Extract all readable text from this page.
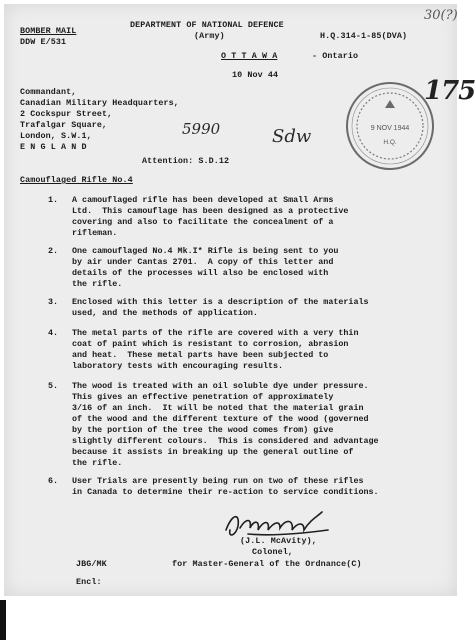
BOMBER MAIL
DDW E/531
DEPARTMENT OF NATIONAL DEFENCE
(Army)	H.Q.314-1-85(DVA)
O T T A W A	- Ontario
10 Nov 44
30(?)
175
Commandant,
Canadian Military Headquarters,
2 Cockspur Street,
Trafalgar Square,
London, S.W.1,
E N G L A N D
5990	Sdw	9 NOV 1944
H.Q.
Attention: S.D.12
Camouflaged Rifle No.4
1. A camouflaged rifle has been developed at Small Arms
Ltd.  This camouflage has been designed as a protective
covering and also to facilitate the concealment of a
rifleman.
2. One camouflaged No.4 Mk.I* Rifle is being sent to you
by air under Cantas 2701.  A copy of this letter and
details of the processes will also be enclosed with
the rifle.
3. Enclosed with this letter is a description of the materials
used, and the methods of application.
4. The metal parts of the rifle are covered with a very thin
coat of paint which is resistant to corrosion, abrasion
and heat.  These metal parts have been subjected to
laboratory tests with encouraging results.
5. The wood is treated with an oil soluble dye under pressure.
This gives an effective penetration of approximately
3/16 of an inch.  It will be noted that the material grain
of the wood and the different texture of the wood (governed
by the portion of the tree the wood comes from) give
slightly different colours.  This is considered and advantage
because it assists in breaking up the general outline of
the rifle.
6. User Trials are presently being run on two of these rifles
in Canada to determine their re-action to service conditions.
JLMcAvity
(J.L. McAvity),
Colonel,
for Master-General of the Ordnance(C)
JBG/MK
Encl:
